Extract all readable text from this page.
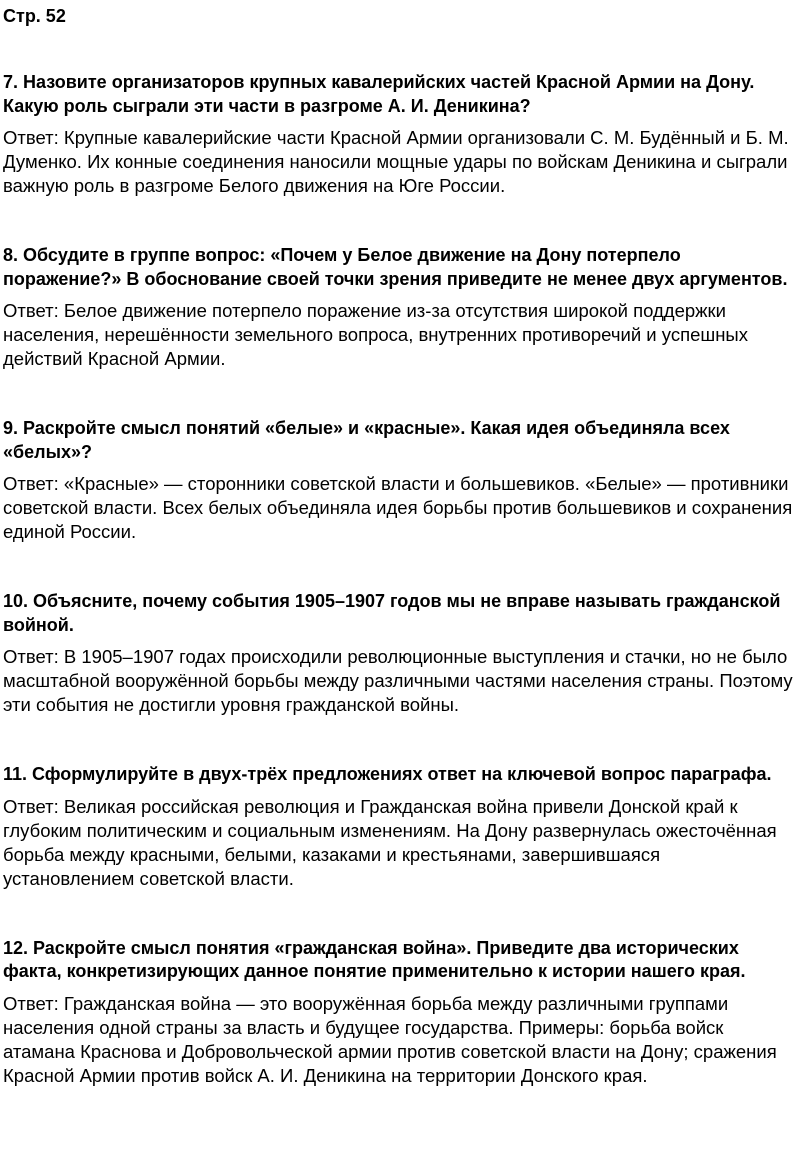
Стр. 52
7. Назовите организаторов крупных кавалерийских частей Красной Армии на Дону. Какую роль сыграли эти части в разгроме А. И. Деникина?
Ответ: Крупные кавалерийские части Красной Армии организовали С. М. Будённый и Б. М. Думенко. Их конные соединения наносили мощные удары по войскам Деникина и сыграли важную роль в разгроме Белого движения на Юге России.
8. Обсудите в группе вопрос: «Почем у Белое движение на Дону потерпело поражение?» В обоснование своей точки зрения приведите не менее двух аргументов.
Ответ: Белое движение потерпело поражение из-за отсутствия широкой поддержки населения, нерешённости земельного вопроса, внутренних противоречий и успешных действий Красной Армии.
9. Раскройте смысл понятий «белые» и «красные». Какая идея объединяла всех «белых»?
Ответ: «Красные» — сторонники советской власти и большевиков. «Белые» — противники советской власти. Всех белых объединяла идея борьбы против большевиков и сохранения единой России.
10. Объясните, почему события 1905–1907 годов мы не вправе называть гражданской войной.
Ответ: В 1905–1907 годах происходили революционные выступления и стачки, но не было масштабной вооружённой борьбы между различными частями населения страны. Поэтому эти события не достигли уровня гражданской войны.
11. Сформулируйте в двух-трёх предложениях ответ на ключевой вопрос параграфа.
Ответ: Великая российская революция и Гражданская война привели Донской край к глубоким политическим и социальным изменениям. На Дону развернулась ожесточённая борьба между красными, белыми, казаками и крестьянами, завершившаяся установлением советской власти.
12. Раскройте смысл понятия «гражданская война». Приведите два исторических факта, конкретизирующих данное понятие применительно к истории нашего края.
Ответ: Гражданская война — это вооружённая борьба между различными группами населения одной страны за власть и будущее государства. Примеры: борьба войск атамана Краснова и Добровольческой армии против советской власти на Дону; сражения Красной Армии против войск А. И. Деникина на территории Донского края.
